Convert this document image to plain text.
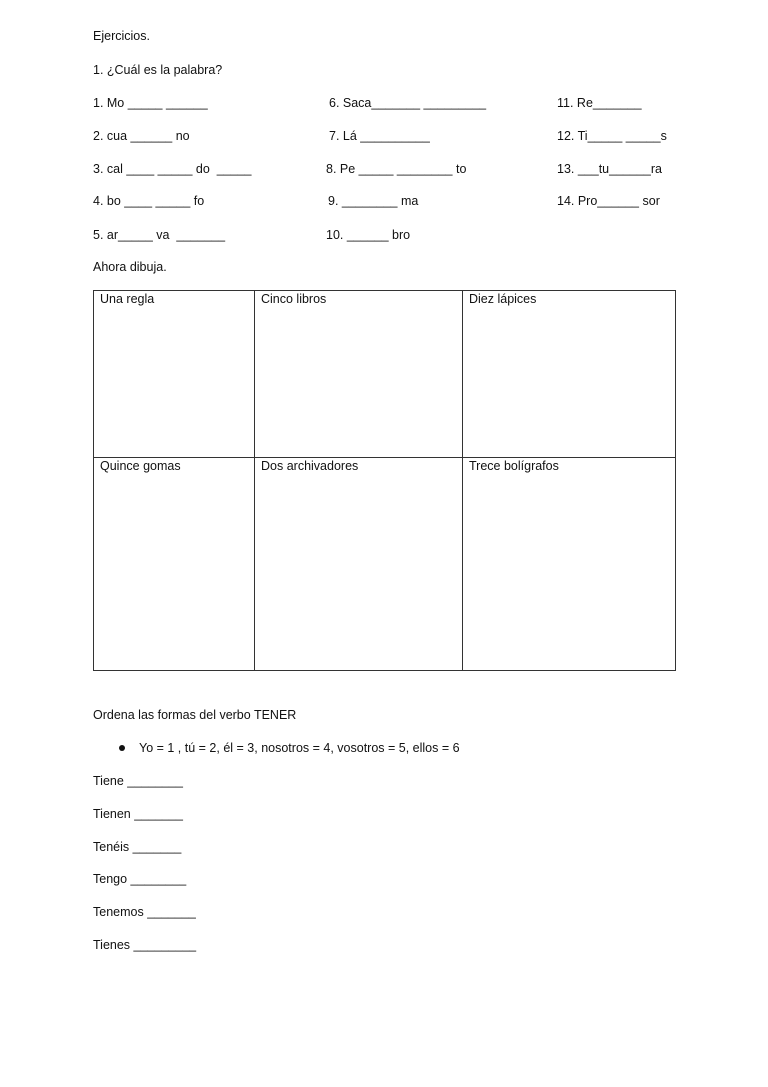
Ejercicios.
1. ¿Cuál es la palabra?
1. Mo _____ ______
2. cua ______ no
3. cal ____ _____ do  _____
4. bo ____ _____ fo
5. ar_____ va  _______
6. Saca_______ _________
7. Lá __________
8. Pe _____ ________ to
9. ________ ma
10. ______ bro
11. Re_______
12. Ti_____ _____s
13. ___tu______ra
14. Pro______ sor
Ahora dibuja.
Una regla	Cinco libros	Diez lápices
Quince gomas	Dos archivadores	Trece bolígrafos
Ordena las formas del verbo TENER
Yo = 1 , tú = 2, él = 3, nosotros = 4, vosotros = 5, ellos = 6
Tiene ________
Tienen _______
Tenéis _______
Tengo ________
Tenemos _______
Tienes _________
